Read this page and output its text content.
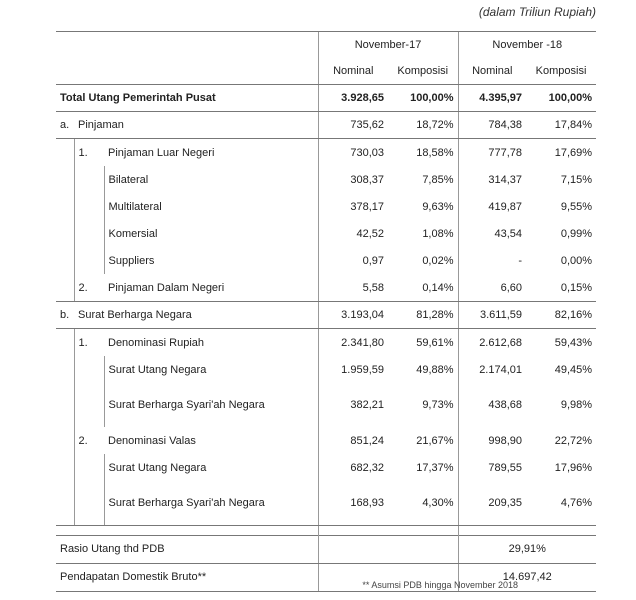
(dalam Triliun Rupiah)
			November-17		November -18	
			Nominal	Komposisi	Nominal	Komposisi
Total Utang Pemerintah Pusat			3.928,65	100,00%	4.395,97	100,00%
a.	Pinjaman		735,62	18,72%	784,38	17,84%
	1.	Pinjaman Luar Negeri	730,03	18,58%	777,78	17,69%
		Bilateral	308,37	7,85%	314,37	7,15%
		Multilateral	378,17	9,63%	419,87	9,55%
		Komersial	42,52	1,08%	43,54	0,99%
		Suppliers	0,97	0,02%	-	0,00%
	2.	Pinjaman Dalam Negeri	5,58	0,14%	6,60	0,15%
b.	Surat Berharga Negara		3.193,04	81,28%	3.611,59	82,16%
	1.	Denominasi Rupiah	2.341,80	59,61%	2.612,68	59,43%
		Surat Utang Negara	1.959,59	49,88%	2.174,01	49,45%
		Surat Berharga Syari'ah Negara	382,21	9,73%	438,68	9,98%
	2.	Denominasi Valas	851,24	21,67%	998,90	22,72%
		Surat Utang Negara	682,32	17,37%	789,55	17,96%
		Surat Berharga Syari'ah Negara	168,93	4,30%	209,35	4,76%

Rasio Utang thd PDB					29,91%	
Pendapatan Domestik Bruto**					14.697,42	
** Asumsi PDB hingga November 2018
